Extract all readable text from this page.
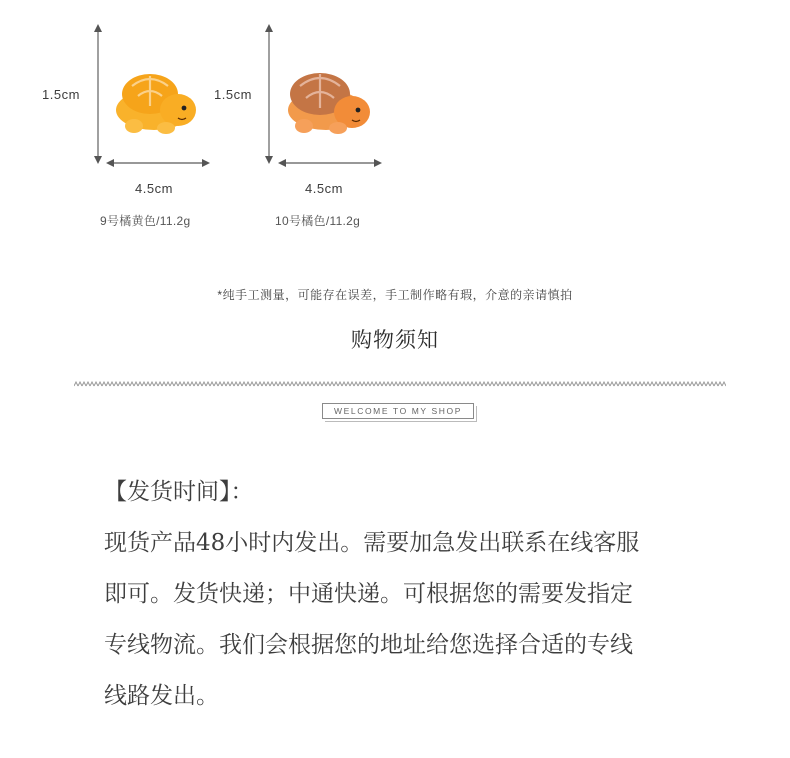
1.5cm
4.5cm
9号橘黄色/11.2g
1.5cm
4.5cm
10号橘色/11.2g
*纯手工测量，可能存在误差，手工制作略有瑕，介意的亲请慎拍
购物须知
WELCOME TO MY SHOP

【发货时间】：

现货产品48小时内发出。需要加急发出联系在线客服

即可。发货快递；中通快递。可根据您的需要发指定

专线物流。我们会根据您的地址给您选择合适的专线

线路发出。
